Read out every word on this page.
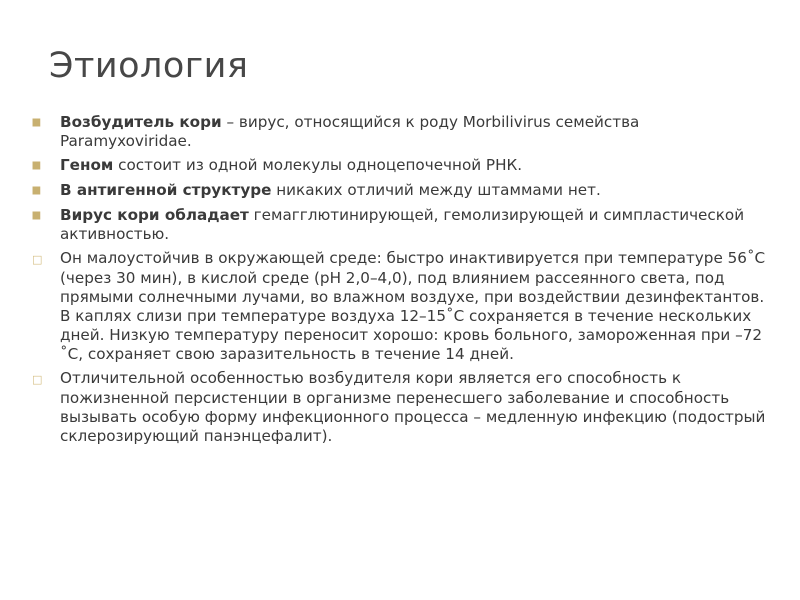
Этиология
⯀	Возбудитель кори – вирус, относящийся к роду Morbilivirus семейства Paramyxoviridae.
⯀	Геном состоит из одной молекулы одноцепочечной РНК.
⯀	В антигенной структуре никаких отличий между штаммами нет.
⯀	Вирус кори обладает гемагглютинирующей, гемолизирующей и симпластической активностью.
□	Он малоустойчив в окружающей среде: быстро инактивируется при температуре 56˚С (через 30 мин), в кислой среде (рН 2,0–4,0), под влиянием рассеянного света, под прямыми солнечными лучами, во влажном воздухе, при воздействии дезинфектантов. В каплях слизи при температуре воздуха 12–15˚С сохраняется в течение нескольких дней. Низкую температуру переносит хорошо: кровь больного, замороженная при –72 ˚С, сохраняет свою заразительность в течение 14 дней.
□	Отличительной особенностью возбудителя кори является его способность к пожизненной персистенции в организме перенесшего заболевание и способность вызывать особую форму инфекционного процесса – медленную инфекцию (подострый склерозирующий панэнцефалит).
